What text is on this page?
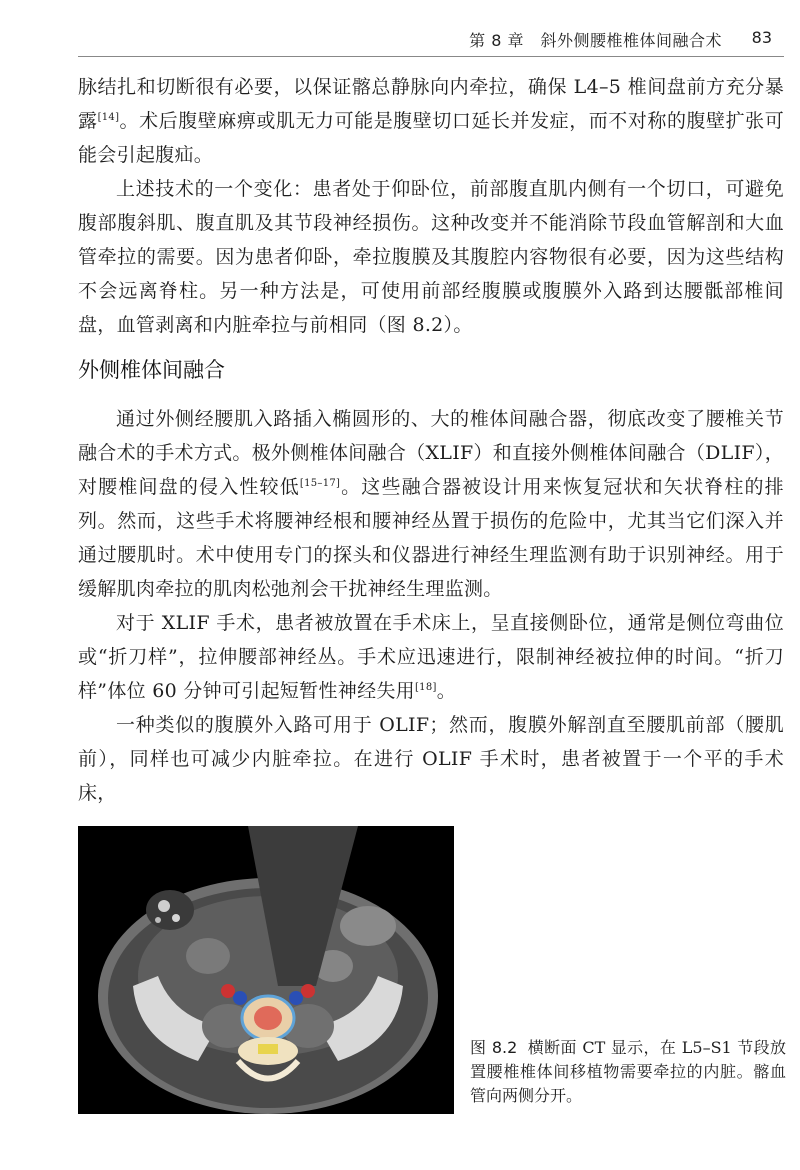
第 8 章　斜外侧腰椎椎体间融合术 83

脉结扎和切断很有必要，以保证髂总静脉向内牵拉，确保 L4–5 椎间盘前方充分暴露[14]。术后腹壁麻痹或肌无力可能是腹壁切口延长并发症，而不对称的腹壁扩张可能会引起腹疝。

上述技术的一个变化：患者处于仰卧位，前部腹直肌内侧有一个切口，可避免腹部腹斜肌、腹直肌及其节段神经损伤。这种改变并不能消除节段血管解剖和大血管牵拉的需要。因为患者仰卧，牵拉腹膜及其腹腔内容物很有必要，因为这些结构不会远离脊柱。另一种方法是，可使用前部经腹膜或腹膜外入路到达腰骶部椎间盘，血管剥离和内脏牵拉与前相同（图 8.2）。

外侧椎体间融合

通过外侧经腰肌入路插入椭圆形的、大的椎体间融合器，彻底改变了腰椎关节融合术的手术方式。极外侧椎体间融合（XLIF）和直接外侧椎体间融合（DLIF），对腰椎间盘的侵入性较低[15–17]。这些融合器被设计用来恢复冠状和矢状脊柱的排列。然而，这些手术将腰神经根和腰神经丛置于损伤的危险中，尤其当它们深入并通过腰肌时。术中使用专门的探头和仪器进行神经生理监测有助于识别神经。用于缓解肌肉牵拉的肌肉松弛剂会干扰神经生理监测。

对于 XLIF 手术，患者被放置在手术床上，呈直接侧卧位，通常是侧位弯曲位或“折刀样”，拉伸腰部神经丛。手术应迅速进行，限制神经被拉伸的时间。“折刀样”体位 60 分钟可引起短暂性神经失用[18]。

一种类似的腹膜外入路可用于 OLIF；然而，腹膜外解剖直至腰肌前部（腰肌前），同样也可减少内脏牵拉。在进行 OLIF 手术时，患者被置于一个平的手术床，

图 8.2 横断面 CT 显示，在 L5–S1 节段放置腰椎椎体间移植物需要牵拉的内脏。髂血管向两侧分开。
